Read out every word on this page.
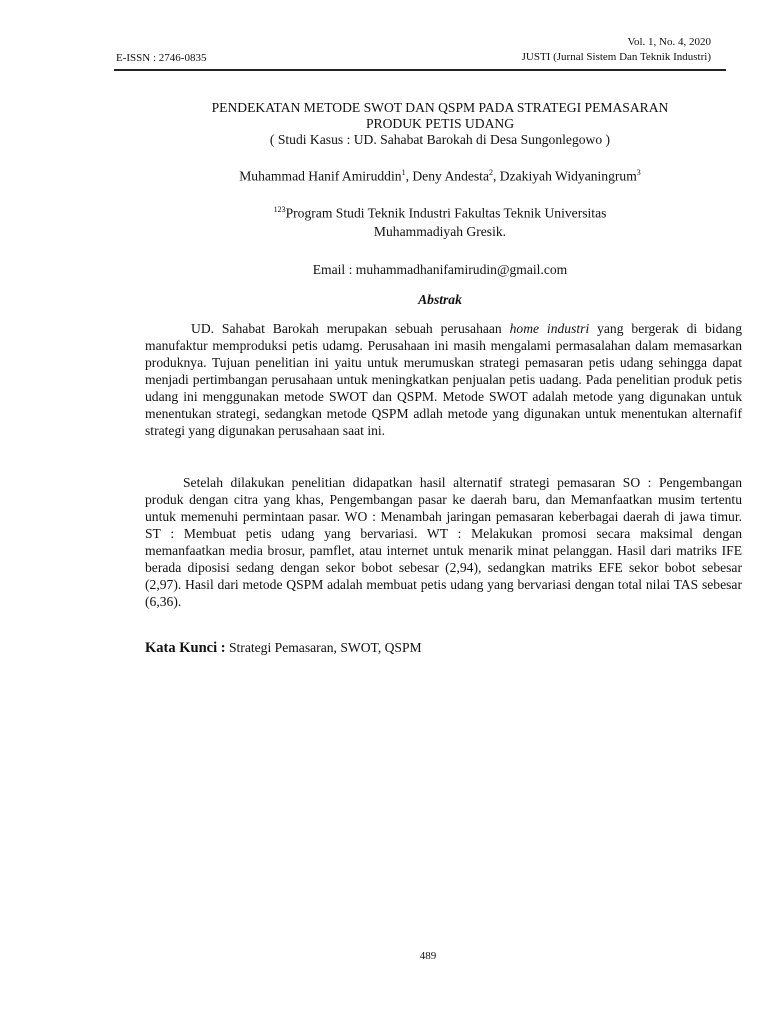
Vol. 1, No. 4, 2020
JUSTI (Jurnal Sistem Dan Teknik Industri)
E-ISSN : 2746-0835
PENDEKATAN METODE SWOT DAN QSPM PADA STRATEGI PEMASARAN
PRODUK PETIS UDANG
( Studi Kasus : UD. Sahabat Barokah di Desa Sungonlegowo )
Muhammad Hanif Amiruddin$^1$, Deny Andesta$^2$, Dzakiyah Widyaningrum$^3$
$^{123}$Program Studi Teknik Industri Fakultas Teknik Universitas
Muhammadiyah Gresik.
Email : muhammadhanifamirudin@gmail.com
Abstrak

UD. Sahabat Barokah merupakan sebuah perusahaan home industri yang bergerak di bidang manufaktur memproduksi petis udamg. Perusahaan ini masih mengalami permasalahan dalam memasarkan produknya. Tujuan penelitian ini yaitu untuk merumuskan strategi pemasaran petis udang sehingga dapat menjadi pertimbangan perusahaan untuk meningkatkan penjualan petis uadang. Pada penelitian produk petis udang ini menggunakan metode SWOT dan QSPM. Metode SWOT adalah metode yang digunakan untuk menentukan strategi, sedangkan metode QSPM adlah metode yang digunakan untuk menentukan alternafif strategi yang digunakan perusahaan saat ini.

Setelah dilakukan penelitian didapatkan hasil alternatif strategi pemasaran SO : Pengembangan produk dengan citra yang khas, Pengembangan pasar ke daerah baru, dan Memanfaatkan musim tertentu untuk memenuhi permintaan pasar. WO : Menambah jaringan pemasaran keberbagai daerah di jawa timur. ST : Membuat petis udang yang bervariasi. WT : Melakukan promosi secara maksimal dengan memanfaatkan media brosur, pamflet, atau internet untuk menarik minat pelanggan. Hasil dari matriks IFE berada diposisi sedang dengan sekor bobot sebesar (2,94), sedangkan matriks EFE sekor bobot sebesar (2,97). Hasil dari metode QSPM adalah membuat petis udang yang bervariasi dengan total nilai TAS sebesar (6,36).

Kata Kunci : Strategi Pemasaran, SWOT, QSPM
489
